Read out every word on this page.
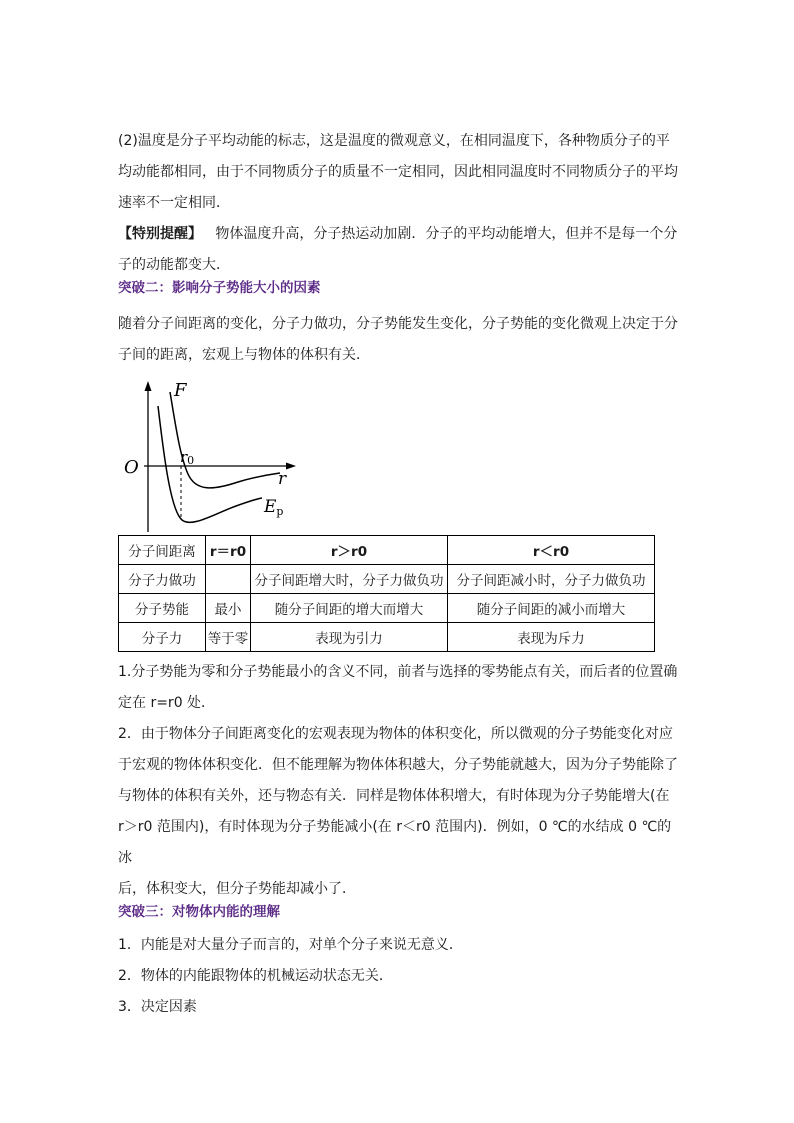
(2)温度是分子平均动能的标志，这是温度的微观意义，在相同温度下，各种物质分子的平
均动能都相同，由于不同物质分子的质量不一定相同，因此相同温度时不同物质分子的平均
速率不一定相同．
【特别提醒】 物体温度升高，分子热运动加剧．分子的平均动能增大，但并不是每一个分
子的动能都变大．

突破二：影响分子势能大小的因素

随着分子间距离的变化，分子力做功，分子势能发生变化，分子势能的变化微观上决定于分
子间的距离，宏观上与物体的体积有关．

F
O
r
r0
Ep
分子间距离	r＝r0	r＞r0	r＜r0
分子力做功		分子间距增大时，分子力做负功	分子间距减小时，分子力做负功
分子势能	最小	随分子间距的增大而增大	随分子间距的减小而增大
分子力	等于零	表现为引力	表现为斥力

1.分子势能为零和分子势能最小的含义不同，前者与选择的零势能点有关，而后者的位置确
定在 r=r0 处．

2．由于物体分子间距离变化的宏观表现为物体的体积变化，所以微观的分子势能变化对应
于宏观的物体体积变化．但不能理解为物体体积越大，分子势能就越大，因为分子势能除了
与物体的体积有关外，还与物态有关．同样是物体体积增大，有时体现为分子势能增大(在
r＞r0 范围内)，有时体现为分子势能减小(在 r＜r0 范围内)．例如，0 ℃的水结成 0 ℃的冰
后，体积变大，但分子势能却减小了．

突破三：对物体内能的理解

1．内能是对大量分子而言的，对单个分子来说无意义．
2．物体的内能跟物体的机械运动状态无关．
3．决定因素
